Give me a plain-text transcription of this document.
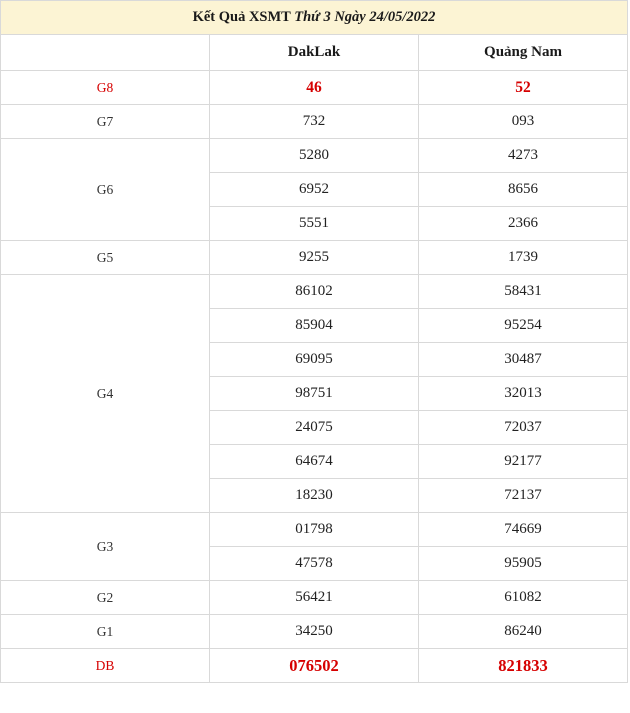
Kết Quả XSMT Thứ 3 Ngày 24/05/2022		
	DakLak	Quảng Nam
G8	46	52
G7	732	093
G6	5280	4273
	6952	8656
	5551	2366
G5	9255	1739
G4	86102	58431
	85904	95254
	69095	30487
	98751	32013
	24075	72037
	64674	92177
	18230	72137
G3	01798	74669
	47578	95905
G2	56421	61082
G1	34250	86240
DB	076502	821833
